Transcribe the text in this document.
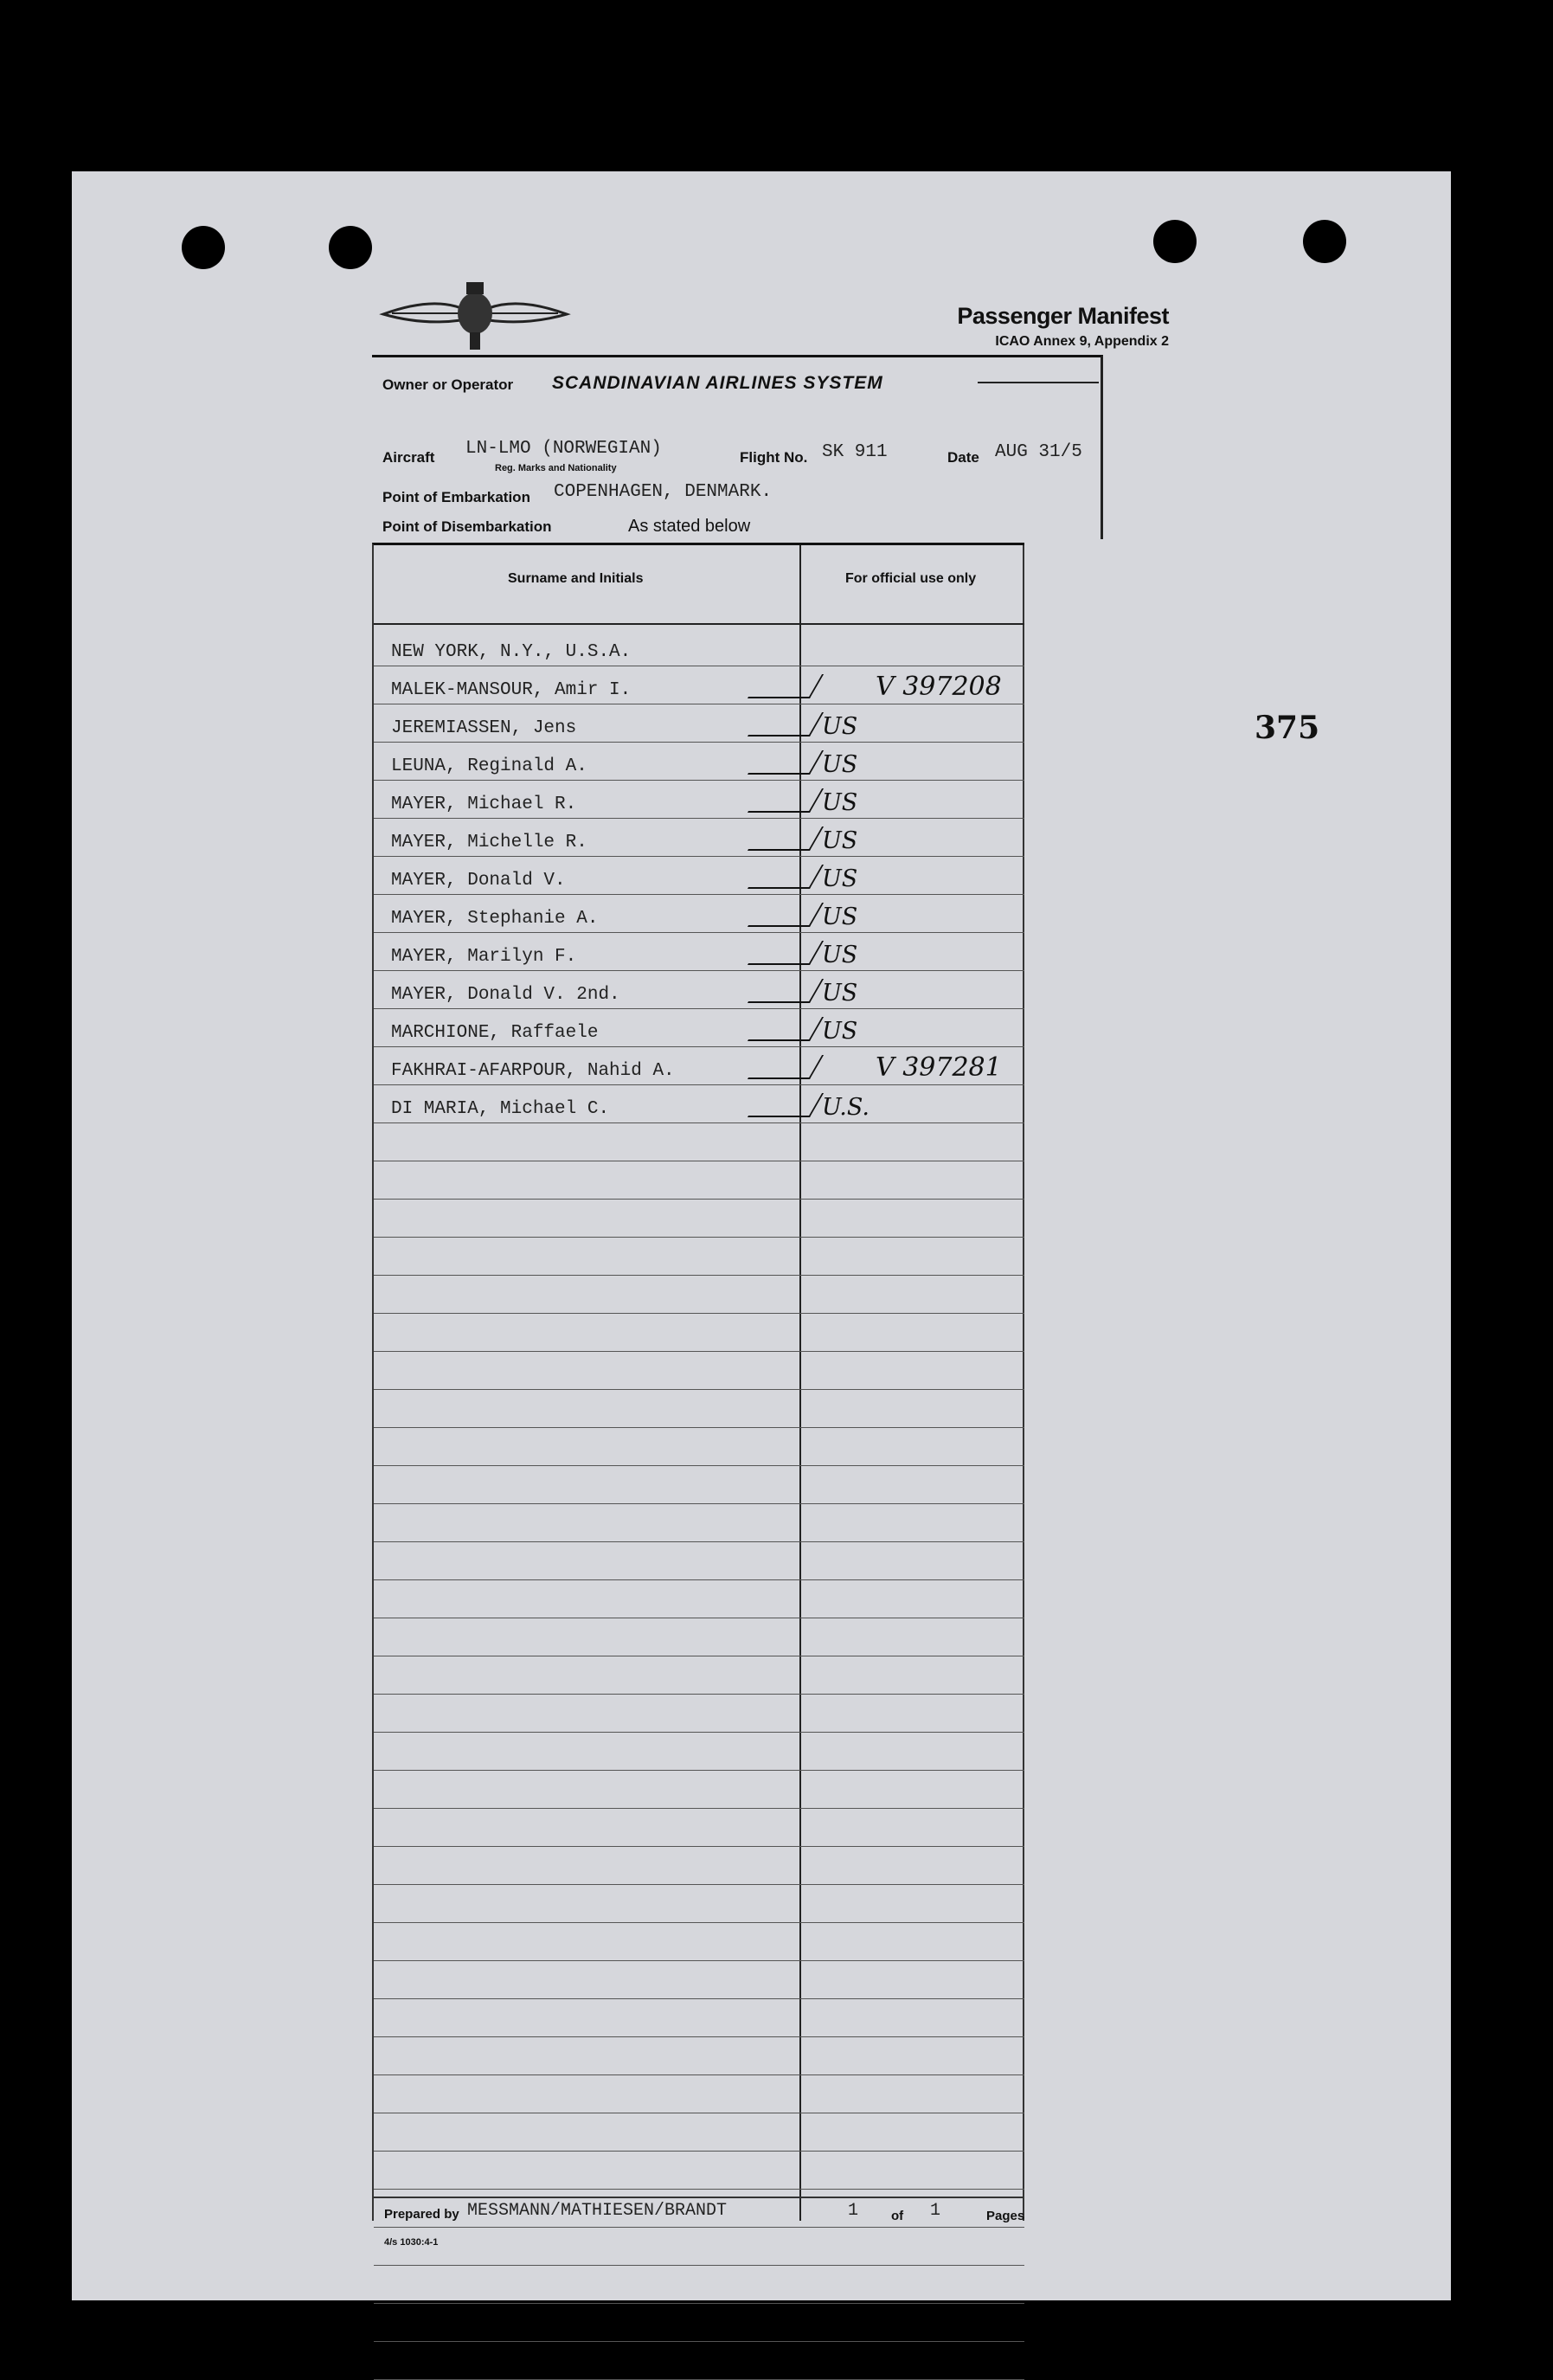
Passenger Manifest
ICAO Annex 9, Appendix 2
Owner or Operator SCANDINAVIAN AIRLINES SYSTEM
Aircraft LN-LMO (NORWEGIAN)
Reg. Marks and Nationality
Flight No. SK 911	Date AUG 31/5
Point of Embarkation COPENHAGEN, DENMARK.
Point of Disembarkation	As stated below
Surname and Initials	For official use only
NEW YORK, N.Y., U.S.A.
MALEK-MANSOUR, Amir I.	V 397208
JEREMIASSEN, Jens	US
LEUNA, Reginald A.	US
MAYER, Michael R.	US
MAYER, Michelle R.	US
MAYER, Donald V.	US
MAYER, Stephanie A.	US
MAYER, Marilyn F.	US
MAYER, Donald V. 2nd.	US
MARCHIONE, Raffaele	US
FAKHRAI-AFARPOUR, Nahid A.	V 397281
DI MARIA, Michael C.	U.S.
375
Prepared by MESSMANN/MATHIESEN/BRANDT	1	of 1	Pages
4/s 1030:4-1
